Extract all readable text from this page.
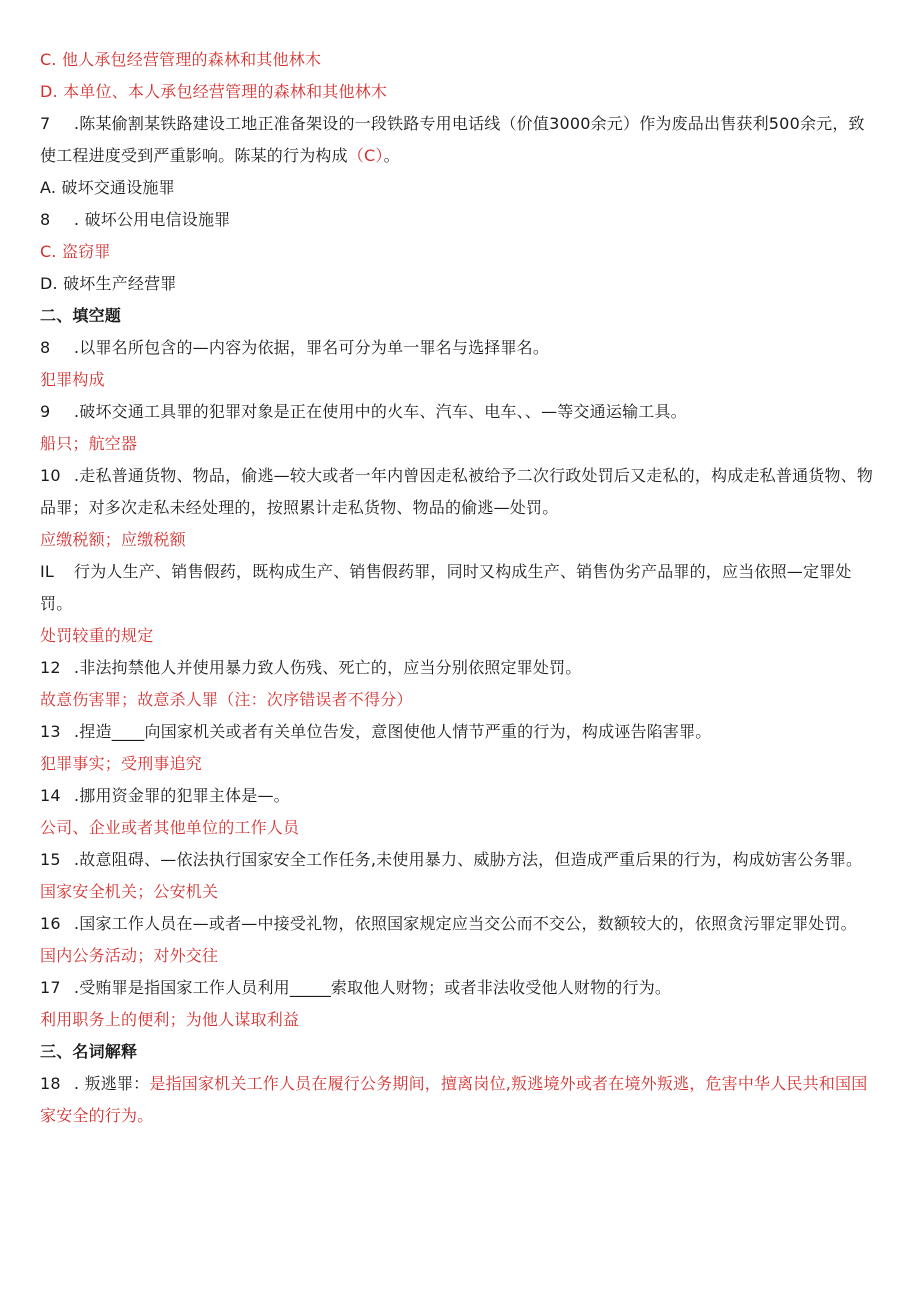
C. 他人承包经营管理的森林和其他林木
D. 本单位、本人承包经营管理的森林和其他林木
7 .陈某偷割某铁路建设工地正准备架设的一段铁路专用电话线（价值3000余元）作为废品出售获利500余元，致使工程进度受到严重影响。陈某的行为构成（C）。
A. 破坏交通设施罪
8 . 破坏公用电信设施罪
C. 盗窃罪
D. 破坏生产经营罪
二、填空题
8 .以罪名所包含的—内容为依据，罪名可分为单一罪名与选择罪名。
犯罪构成
9 .破坏交通工具罪的犯罪对象是正在使用中的火车、汽车、电车、、—等交通运输工具。
船只；航空器
10 .走私普通货物、物品，偷逃—较大或者一年内曾因走私被给予二次行政处罚后又走私的，构成走私普通货物、物品罪；对多次走私未经处理的，按照累计走私货物、物品的偷逃—处罚。
应缴税额；应缴税额
IL 行为人生产、销售假药，既构成生产、销售假药罪，同时又构成生产、销售伪劣产品罪的，应当依照—定罪处罚。
处罚较重的规定
12 .非法拘禁他人并使用暴力致人伤残、死亡的，应当分别依照定罪处罚。
故意伤害罪；故意杀人罪（注：次序错误者不得分）
13 .捏造____向国家机关或者有关单位告发，意图使他人情节严重的行为，构成诬告陷害罪。
犯罪事实；受刑事追究
14 .挪用资金罪的犯罪主体是—。
公司、企业或者其他单位的工作人员
15 .故意阻碍、—依法执行国家安全工作任务,未使用暴力、威胁方法，但造成严重后果的行为，构成妨害公务罪。
国家安全机关；公安机关
16 .国家工作人员在—或者—中接受礼物，依照国家规定应当交公而不交公，数额较大的，依照贪污罪定罪处罚。
国内公务活动；对外交往
17 .受贿罪是指国家工作人员利用_____索取他人财物；或者非法收受他人财物的行为。
利用职务上的便利；为他人谋取利益
三、名词解释
18 . 叛逃罪：是指国家机关工作人员在履行公务期间，擅离岗位,叛逃境外或者在境外叛逃，危害中华人民共和国国家安全的行为。
